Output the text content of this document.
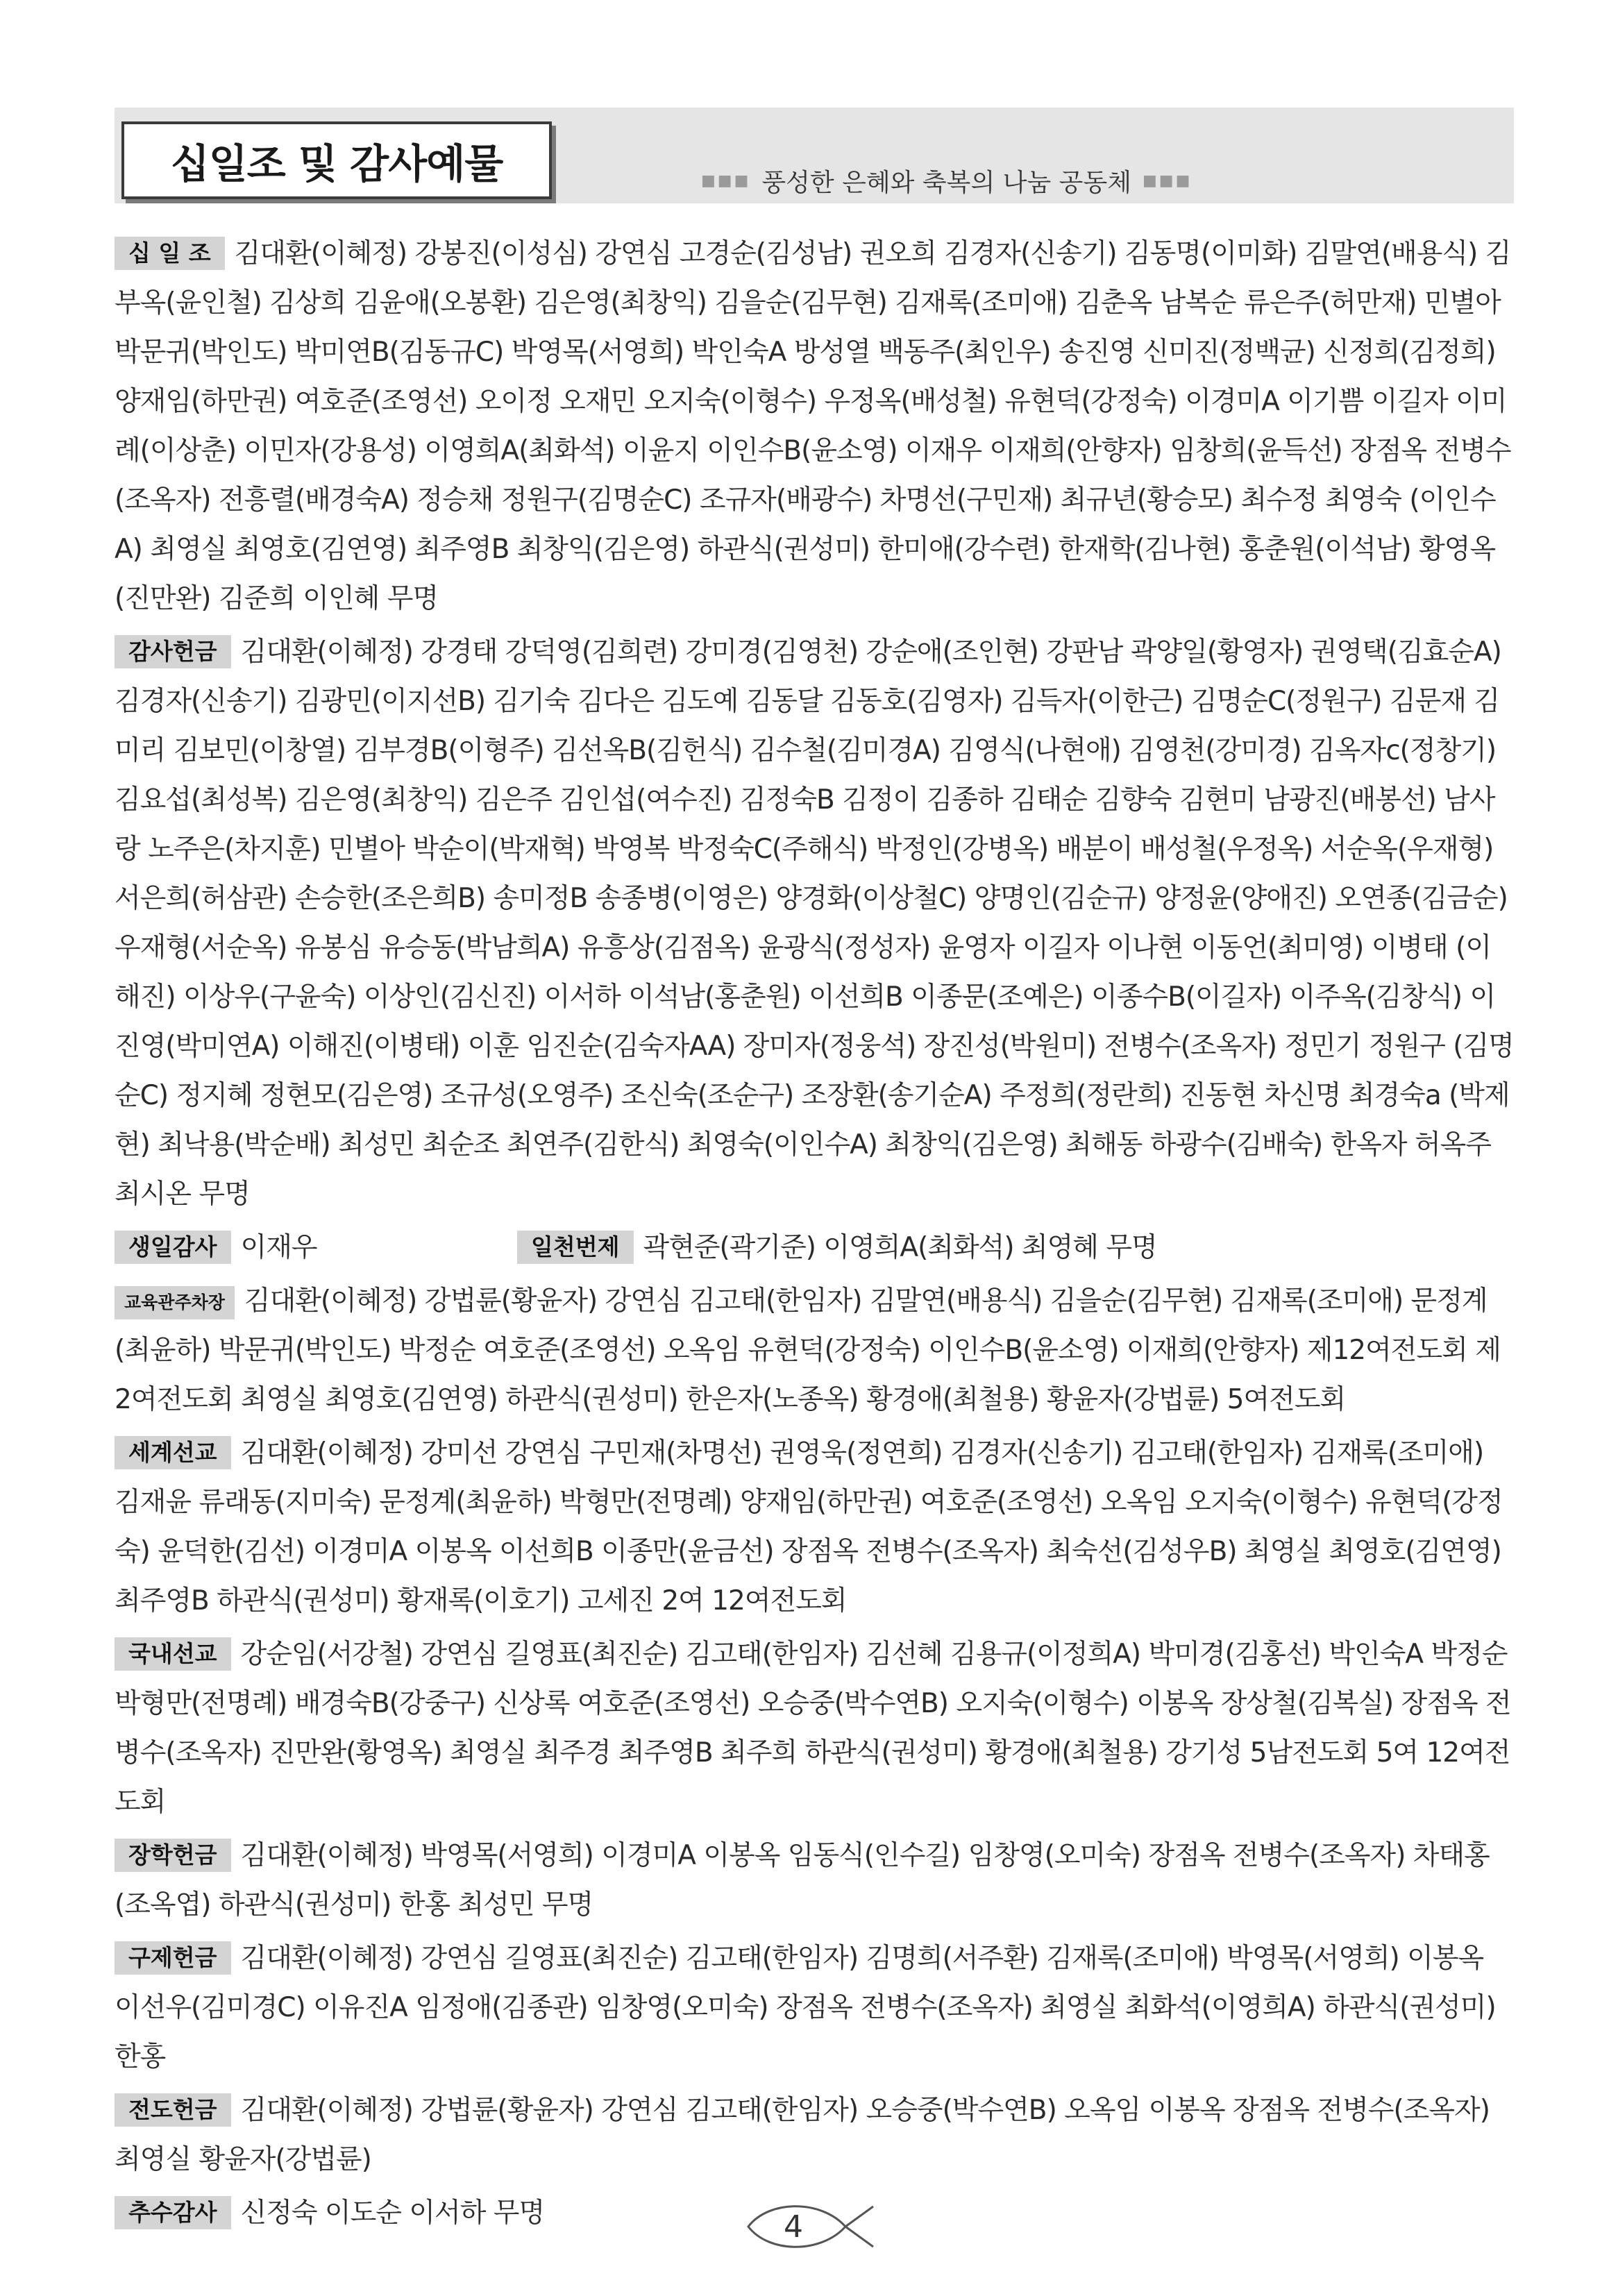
십일조 및 감사예물	■■■ 풍성한 은혜와 축복의 나눔 공동체 ■■■
십 일 조 김대환(이혜정) 강봉진(이성심) 강연심 고경순(김성남) 권오희 김경자(신송기) 김동명(이미화) 김말연(배용식) 김부옥(윤인철) 김상희 김윤애(오봉환) 김은영(최창익) 김을순(김무현) 김재록(조미애) 김춘옥 남복순 류은주(허만재) 민별아 박문귀(박인도) 박미연B(김동규C) 박영목(서영희) 박인숙A 방성열 백동주(최인우) 송진영 신미진(정백균) 신정희(김정희) 양재임(하만권) 여호준(조영선) 오이정 오재민 오지숙(이형수) 우정옥(배성철) 유현덕(강정숙) 이경미A 이기쁨 이길자 이미례(이상춘) 이민자(강용성) 이영희A(최화석) 이윤지 이인수B(윤소영) 이재우 이재희(안향자) 임창희(윤득선) 장점옥 전병수(조옥자) 전흥렬(배경숙A) 정승채 정원구(김명순C) 조규자(배광수) 차명선(구민재) 최규년(황승모) 최수정 최영숙 (이인수A) 최영실 최영호(김연영) 최주영B 최창익(김은영) 하관식(권성미) 한미애(강수련) 한재학(김나현) 홍춘원(이석남) 황영옥(진만완) 김준희 이인혜 무명
감사헌금 김대환(이혜정) 강경태 강덕영(김희련) 강미경(김영천) 강순애(조인현) 강판남 곽양일(황영자) 권영택(김효순A) 김경자(신송기) 김광민(이지선B) 김기숙 김다은 김도예 김동달 김동호(김영자) 김득자(이한근) 김명순C(정원구) 김문재 김미리 김보민(이창열) 김부경B(이형주) 김선옥B(김헌식) 김수철(김미경A) 김영식(나현애) 김영천(강미경) 김옥자c(정창기) 김요섭(최성복) 김은영(최창익) 김은주 김인섭(여수진) 김정숙B 김정이 김종하 김태순 김향숙 김현미 남광진(배봉선) 남사랑 노주은(차지훈) 민별아 박순이(박재혁) 박영복 박정숙C(주해식) 박정인(강병옥) 배분이 배성철(우정옥) 서순옥(우재형) 서은희(허삼관) 손승한(조은희B) 송미정B 송종병(이영은) 양경화(이상철C) 양명인(김순규) 양정윤(양애진) 오연종(김금순) 우재형(서순옥) 유봉심 유승동(박남희A) 유흥상(김점옥) 윤광식(정성자) 윤영자 이길자 이나현 이동언(최미영) 이병태 (이해진) 이상우(구윤숙) 이상인(김신진) 이서하 이석남(홍춘원) 이선희B 이종문(조예은) 이종수B(이길자) 이주옥(김창식) 이진영(박미연A) 이해진(이병태) 이훈 임진순(김숙자AA) 장미자(정웅석) 장진성(박원미) 전병수(조옥자) 정민기 정원구 (김명순C) 정지혜 정현모(김은영) 조규성(오영주) 조신숙(조순구) 조장환(송기순A) 주정희(정란희) 진동현 차신명 최경숙a (박제현) 최낙용(박순배) 최성민 최순조 최연주(김한식) 최영숙(이인수A) 최창익(김은영) 최해동 하광수(김배숙) 한옥자 허옥주 최시온 무명
생일감사 이재우	일천번제 곽현준(곽기준) 이영희A(최화석) 최영혜 무명
교육관주차장 김대환(이혜정) 강법륜(황윤자) 강연심 김고태(한임자) 김말연(배용식) 김을순(김무현) 김재록(조미애) 문정계 (최윤하) 박문귀(박인도) 박정순 여호준(조영선) 오옥임 유현덕(강정숙) 이인수B(윤소영) 이재희(안향자) 제12여전도회 제2여전도회 최영실 최영호(김연영) 하관식(권성미) 한은자(노종옥) 황경애(최철용) 황윤자(강법륜) 5여전도회
세계선교 김대환(이혜정) 강미선 강연심 구민재(차명선) 권영욱(정연희) 김경자(신송기) 김고태(한임자) 김재록(조미애) 김재윤 류래동(지미숙) 문정계(최윤하) 박형만(전명례) 양재임(하만권) 여호준(조영선) 오옥임 오지숙(이형수) 유현덕(강정숙) 윤덕한(김선) 이경미A 이봉옥 이선희B 이종만(윤금선) 장점옥 전병수(조옥자) 최숙선(김성우B) 최영실 최영호(김연영) 최주영B 하관식(권성미) 황재록(이호기) 고세진 2여 12여전도회
국내선교 강순임(서강철) 강연심 길영표(최진순) 김고태(한임자) 김선혜 김용규(이정희A) 박미경(김홍선) 박인숙A 박정순 박형만(전명례) 배경숙B(강중구) 신상록 여호준(조영선) 오승중(박수연B) 오지숙(이형수) 이봉옥 장상철(김복실) 장점옥 전병수(조옥자) 진만완(황영옥) 최영실 최주경 최주영B 최주희 하관식(권성미) 황경애(최철용) 강기성 5남전도회 5여 12여전도회
장학헌금 김대환(이혜정) 박영목(서영희) 이경미A 이봉옥 임동식(인수길) 임창영(오미숙) 장점옥 전병수(조옥자) 차태홍 (조옥엽) 하관식(권성미) 한홍 최성민 무명
구제헌금 김대환(이혜정) 강연심 길영표(최진순) 김고태(한임자) 김명희(서주환) 김재록(조미애) 박영목(서영희) 이봉옥 이선우(김미경C) 이유진A 임정애(김종관) 임창영(오미숙) 장점옥 전병수(조옥자) 최영실 최화석(이영희A) 하관식(권성미) 한홍
전도헌금 김대환(이혜정) 강법륜(황윤자) 강연심 김고태(한임자) 오승중(박수연B) 오옥임 이봉옥 장점옥 전병수(조옥자) 최영실 황윤자(강법륜)
추수감사 신정숙 이도순 이서하 무명	4
